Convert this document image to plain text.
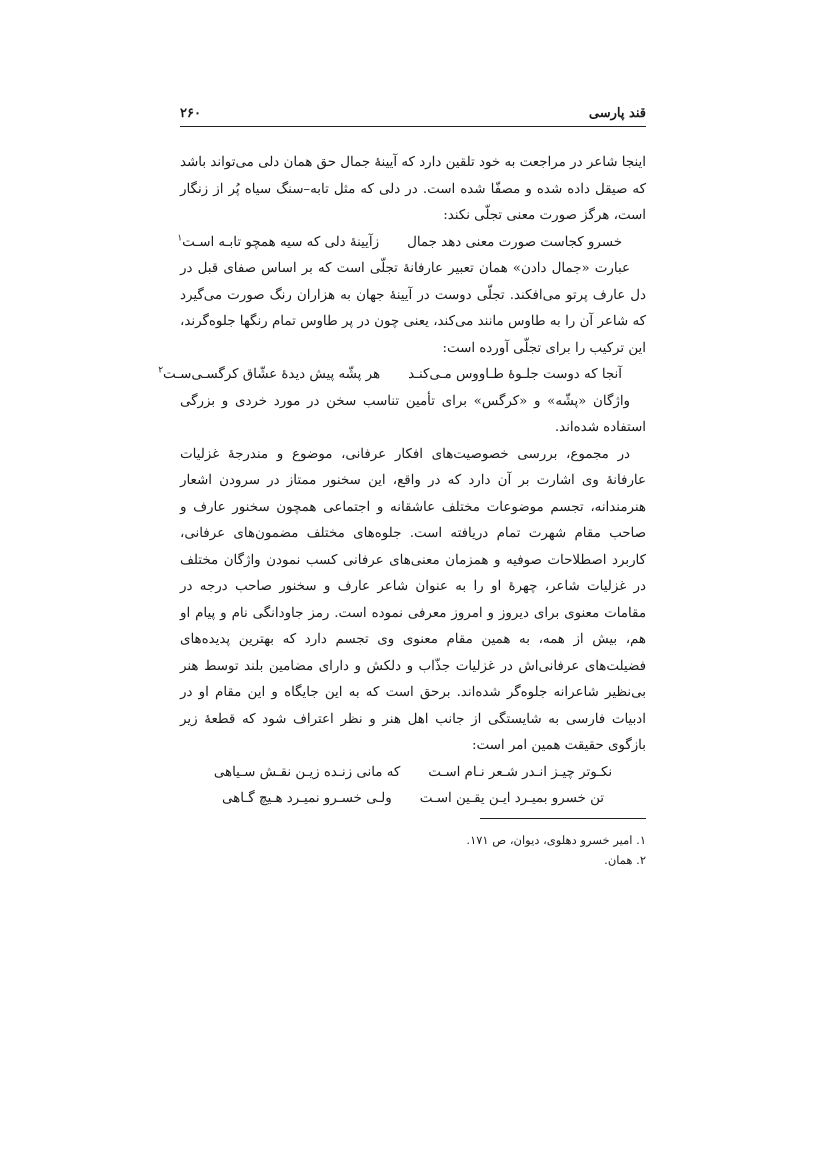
قند پارسی
۲۶۰

اینجا شاعر در مراجعت به خود تلقین دارد که آیینهٔ جمال حق همان دلی می‌تواند باشد که صیقل داده شده و مصفّا شده است. در دلی که مثل تابه–سنگ سیاه پُر از زنگار است، هرگز صورت معنی تجلّی نکند:

خسرو کجاست صورت معنی دهد جمال
زآیینهٔ دلی که سیه همچو تابـه اسـت$^۱$

عبارت «جمال دادن» همان تعبیر عارفانهٔ تجلّی است که بر اساس صفای قبل در دل عارف پرتو می‌افکند. تجلّی دوست در آیینهٔ جهان به هزاران رنگ صورت می‌گیرد که شاعر آن را به طاوس مانند می‌کند، یعنی چون در پر طاوس تمام رنگها جلوه‌گرند، این ترکیب را برای تجلّی آورده است:

آنجا که دوست جلـوهٔ طـاووس مـی‌کنـد
هر پشّه پیش دیدهٔ عشّاق کرگسـی‌سـت$^۲$

واژگان «پشّه» و «کرگس» برای تأمین تناسب سخن در مورد خردی و بزرگی استفاده شده‌اند.

در مجموع، بررسی خصوصیت‌های افکار عرفانی، موضوع و مندرجهٔ غزلیات عارفانهٔ وی اشارت بر آن دارد که در واقع، این سخنور ممتاز در سرودن اشعار هنرمندانه، تجسم موضوعات مختلف عاشقانه و اجتماعی همچون سخنور عارف و صاحب مقام شهرت تمام دریافته است. جلوه‌های مختلف مضمون‌های عرفانی، کاربرد اصطلاحات صوفیه و همزمان معنی‌های عرفانی کسب نمودن واژگان مختلف در غزلیات شاعر، چهرهٔ او را به عنوان شاعر عارف و سخنور صاحب درجه در مقامات معنوی برای دیروز و امروز معرفی نموده است. رمز جاودانگی نام و پیام او هم، بیش از همه، به همین مقام معنوی وی تجسم دارد که بهترین پدیده‌های فضیلت‌های عرفانی‌اش در غزلیات جذّاب و دلکش و دارای مضامین بلند توسط هنر بی‌نظیر شاعرانه جلوه‌گر شده‌اند. برحق است که به این جایگاه و این مقام او در ادبیات فارسی به شایستگی از جانب اهل هنر و نظر اعتراف شود که قطعهٔ زیر بازگوی حقیقت همین امر است:

نکـوتر چیـز انـدر شـعر نـام اسـت
که مانی زنـده زیـن نقـش سـیاهی
تن خسرو بمیـرد ایـن یقـین اسـت
ولـی خسـرو نمیـرد هـیچ گـاهی
۱. امیر خسرو دهلوی، دیوان، ص ۱۷۱.
۲. همان.
